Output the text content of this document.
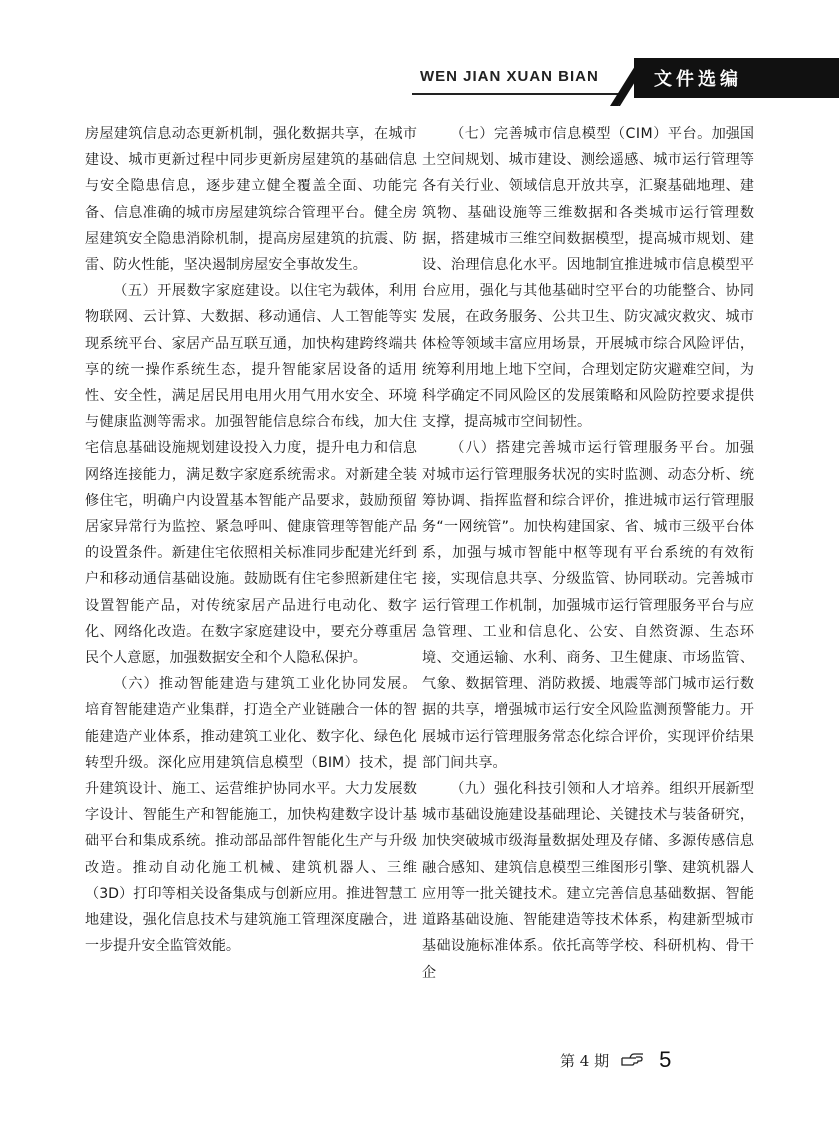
WEN JIAN XUAN BIAN	文件选编

房屋建筑信息动态更新机制，强化数据共享，在城市建设、城市更新过程中同步更新房屋建筑的基础信息与安全隐患信息，逐步建立健全覆盖全面、功能完备、信息准确的城市房屋建筑综合管理平台。健全房屋建筑安全隐患消除机制，提高房屋建筑的抗震、防雷、防火性能，坚决遏制房屋安全事故发生。

（五）开展数字家庭建设。以住宅为载体，利用物联网、云计算、大数据、移动通信、人工智能等实现系统平台、家居产品互联互通，加快构建跨终端共享的统一操作系统生态，提升智能家居设备的适用性、安全性，满足居民用电用火用气用水安全、环境与健康监测等需求。加强智能信息综合布线，加大住宅信息基础设施规划建设投入力度，提升电力和信息网络连接能力，满足数字家庭系统需求。对新建全装修住宅，明确户内设置基本智能产品要求，鼓励预留居家异常行为监控、紧急呼叫、健康管理等智能产品的设置条件。新建住宅依照相关标准同步配建光纤到户和移动通信基础设施。鼓励既有住宅参照新建住宅设置智能产品，对传统家居产品进行电动化、数字化、网络化改造。在数字家庭建设中，要充分尊重居民个人意愿，加强数据安全和个人隐私保护。

（六）推动智能建造与建筑工业化协同发展。培育智能建造产业集群，打造全产业链融合一体的智能建造产业体系，推动建筑工业化、数字化、绿色化转型升级。深化应用建筑信息模型（BIM）技术，提升建筑设计、施工、运营维护协同水平。大力发展数字设计、智能生产和智能施工，加快构建数字设计基础平台和集成系统。推动部品部件智能化生产与升级改造。推动自动化施工机械、建筑机器人、三维（3D）打印等相关设备集成与创新应用。推进智慧工地建设，强化信息技术与建筑施工管理深度融合，进一步提升安全监管效能。

（七）完善城市信息模型（CIM）平台。加强国土空间规划、城市建设、测绘遥感、城市运行管理等各有关行业、领域信息开放共享，汇聚基础地理、建筑物、基础设施等三维数据和各类城市运行管理数据，搭建城市三维空间数据模型，提高城市规划、建设、治理信息化水平。因地制宜推进城市信息模型平台应用，强化与其他基础时空平台的功能整合、协同发展，在政务服务、公共卫生、防灾减灾救灾、城市体检等领域丰富应用场景，开展城市综合风险评估，统筹利用地上地下空间，合理划定防灾避难空间，为科学确定不同风险区的发展策略和风险防控要求提供支撑，提高城市空间韧性。

（八）搭建完善城市运行管理服务平台。加强对城市运行管理服务状况的实时监测、动态分析、统筹协调、指挥监督和综合评价，推进城市运行管理服务“一网统管”。加快构建国家、省、城市三级平台体系，加强与城市智能中枢等现有平台系统的有效衔接，实现信息共享、分级监管、协同联动。完善城市运行管理工作机制，加强城市运行管理服务平台与应急管理、工业和信息化、公安、自然资源、生态环境、交通运输、水利、商务、卫生健康、市场监管、气象、数据管理、消防救援、地震等部门城市运行数据的共享，增强城市运行安全风险监测预警能力。开展城市运行管理服务常态化综合评价，实现评价结果部门间共享。

（九）强化科技引领和人才培养。组织开展新型城市基础设施建设基础理论、关键技术与装备研究，加快突破城市级海量数据处理及存储、多源传感信息融合感知、建筑信息模型三维图形引擎、建筑机器人应用等一批关键技术。建立完善信息基础数据、智能道路基础设施、智能建造等技术体系，构建新型城市基础设施标准体系。依托高等学校、科研机构、骨干企

第 4 期 5
